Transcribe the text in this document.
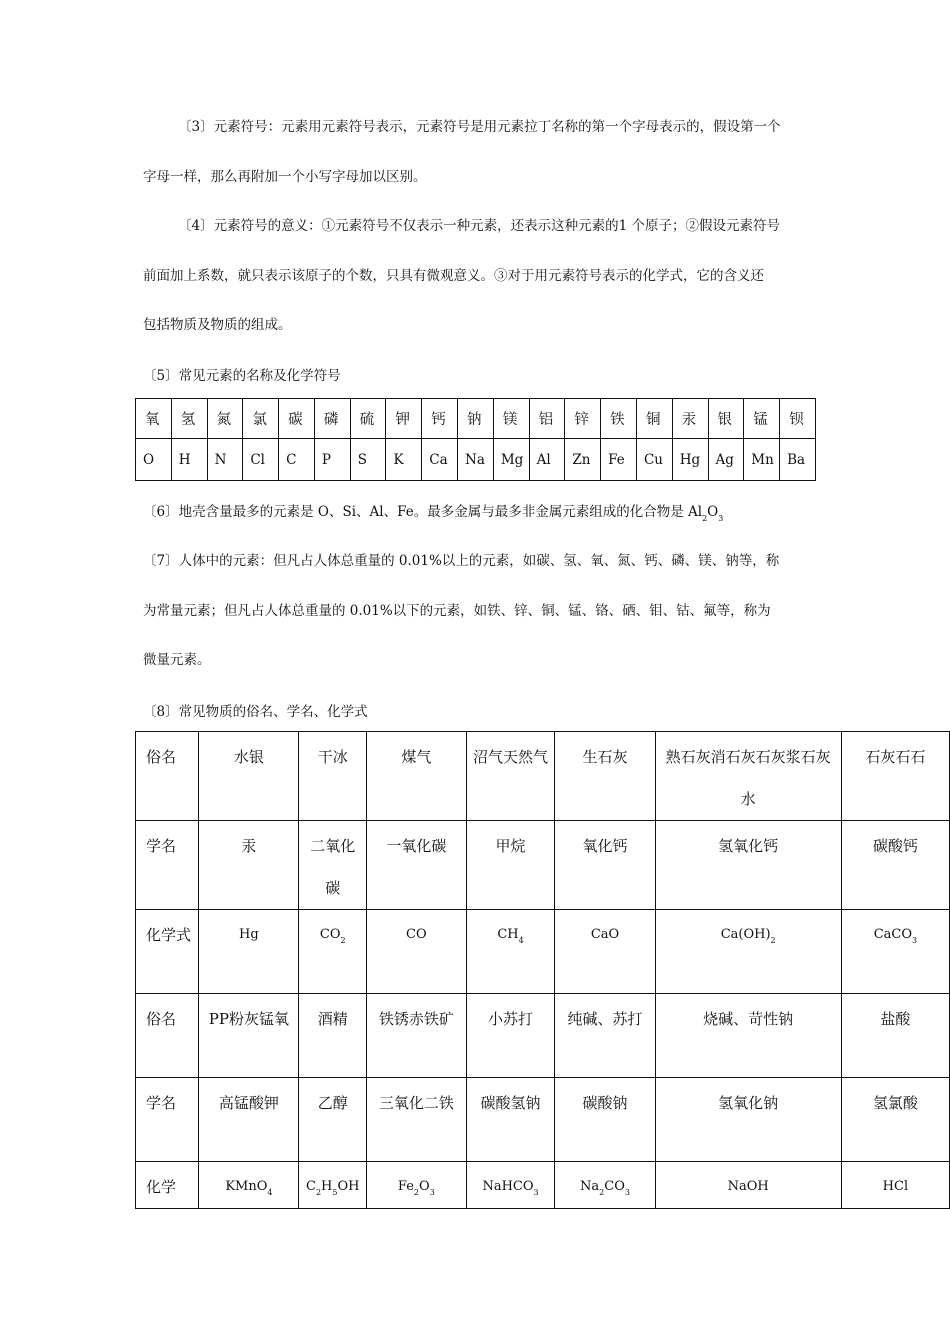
〔3〕元素符号：元素用元素符号表示，元素符号是用元素拉丁名称的第一个字母表示的，假设第一个
字母一样，那么再附加一个小写字母加以区别。
〔4〕元素符号的意义：①元素符号不仅表示一种元素，还表示这种元素的1 个原子；②假设元素符号
前面加上系数，就只表示该原子的个数，只具有微观意义。③对于用元素符号表示的化学式，它的含义还
包括物质及物质的组成。
〔5〕常见元素的名称及化学符号
氧	氢	氮	氯	碳	磷	硫	钾	钙	钠	镁	铝	锌	铁	铜	汞	银	锰	钡
O	H	N	Cl	C	P	S	K	Ca	Na	Mg	Al	Zn	Fe	Cu	Hg	Ag	Mn	Ba
〔6〕地壳含量最多的元素是 O、Si、Al、Fe。最多金属与最多非金属元素组成的化合物是 $Al_2O_3$
〔7〕人体中的元素：但凡占人体总重量的 0.01%以上的元素，如碳、氢、氧、氮、钙、磷、镁、钠等，称
为常量元素；但凡占人体总重量的 0.01%以下的元素，如铁、锌、铜、锰、铬、硒、钼、钴、氟等，称为
微量元素。
〔8〕常见物质的俗名、学名、化学式
俗名	水银	干冰	煤气	沼气天然气	生石灰	熟石灰消石灰石灰浆石灰水	石灰石石
学名	汞	二氧化碳	一氧化碳	甲烷	氧化钙	氢氧化钙	碳酸钙
化学式	Hg	$CO_2$	CO	$CH_4$	CaO	$Ca(OH)_2$	CaCO$_3$
俗名	PP粉灰锰氧	酒精	铁锈赤铁矿	小苏打	纯碱、苏打	烧碱、苛性钠	盐酸
学名	高锰酸钾	乙醇	三氧化二铁	碳酸氢钠	碳酸钠	氢氧化钠	氢氯酸
化学	KMnO$_4$	$C_2H_5OH$	$Fe_2O_3$	NaHCO$_3$	$Na_2CO_3$	NaOH	HCl
